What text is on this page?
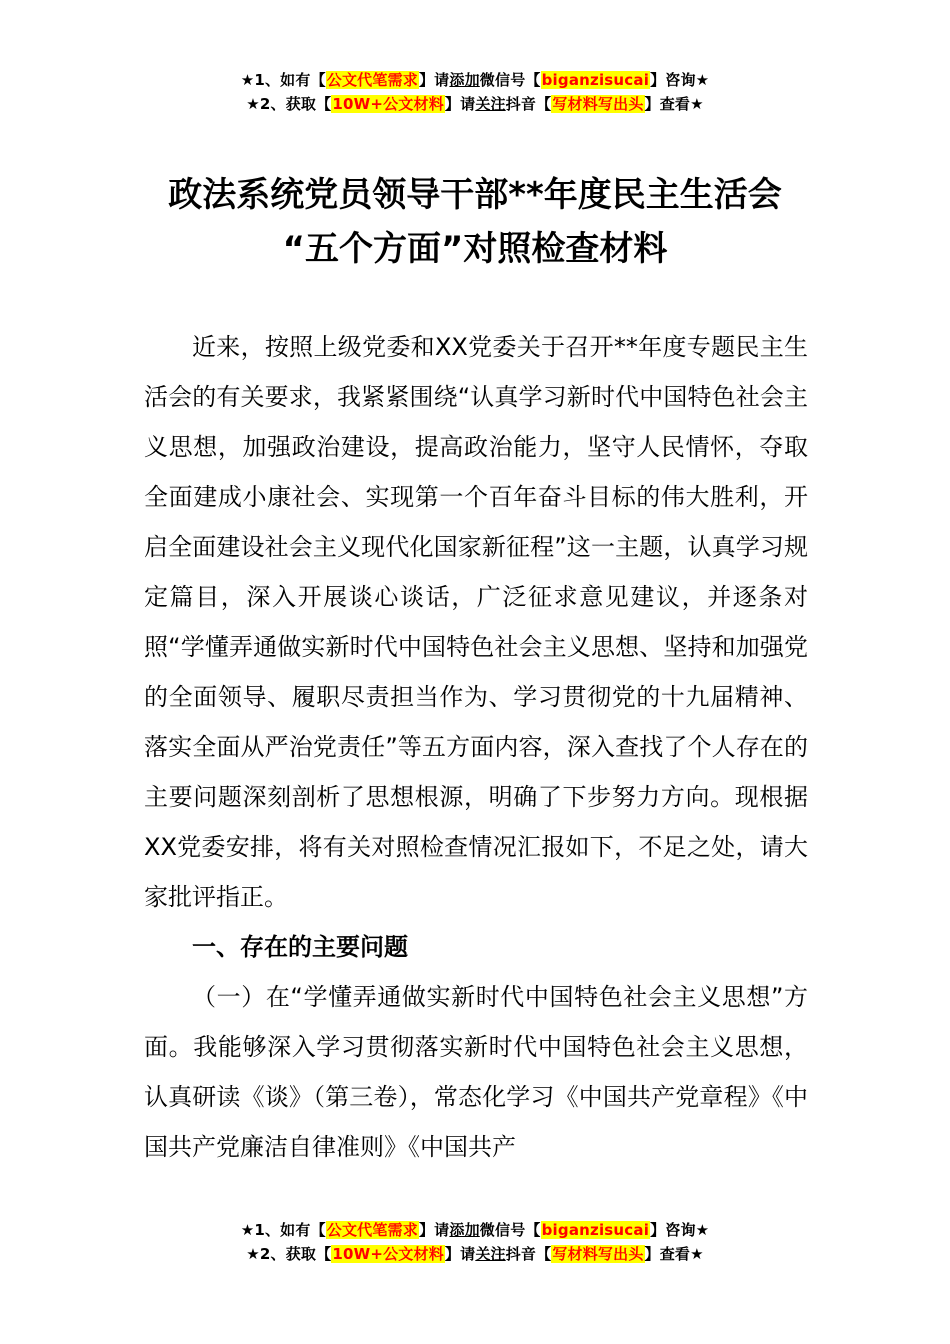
★1、如有【公文代笔需求】请添加微信号【biganzisucai】咨询★
★2、获取【10W+公文材料】请关注抖音【写材料写出头】查看★
政法系统党员领导干部**年度民主生活会
“五个方面”对照检查材料

近来，按照上级党委和XX党委关于召开**年度专题民主生活会的有关要求，我紧紧围绕“认真学习新时代中国特色社会主义思想，加强政治建设，提高政治能力，坚守人民情怀，夺取全面建成小康社会、实现第一个百年奋斗目标的伟大胜利，开启全面建设社会主义现代化国家新征程”这一主题，认真学习规定篇目，深入开展谈心谈话，广泛征求意见建议，并逐条对照“学懂弄通做实新时代中国特色社会主义思想、坚持和加强党的全面领导、履职尽责担当作为、学习贯彻党的十九届精神、落实全面从严治党责任”等五方面内容，深入查找了个人存在的主要问题深刻剖析了思想根源，明确了下步努力方向。现根据XX党委安排，将有关对照检查情况汇报如下，不足之处，请大家批评指正。

一、存在的主要问题

（一）在“学懂弄通做实新时代中国特色社会主义思想”方面。我能够深入学习贯彻落实新时代中国特色社会主义思想，认真研读《谈》（第三卷），常态化学习《中国共产党章程》《中国共产党廉洁自律准则》《中国共产

★1、如有【公文代笔需求】请添加微信号【biganzisucai】咨询★
★2、获取【10W+公文材料】请关注抖音【写材料写出头】查看★
